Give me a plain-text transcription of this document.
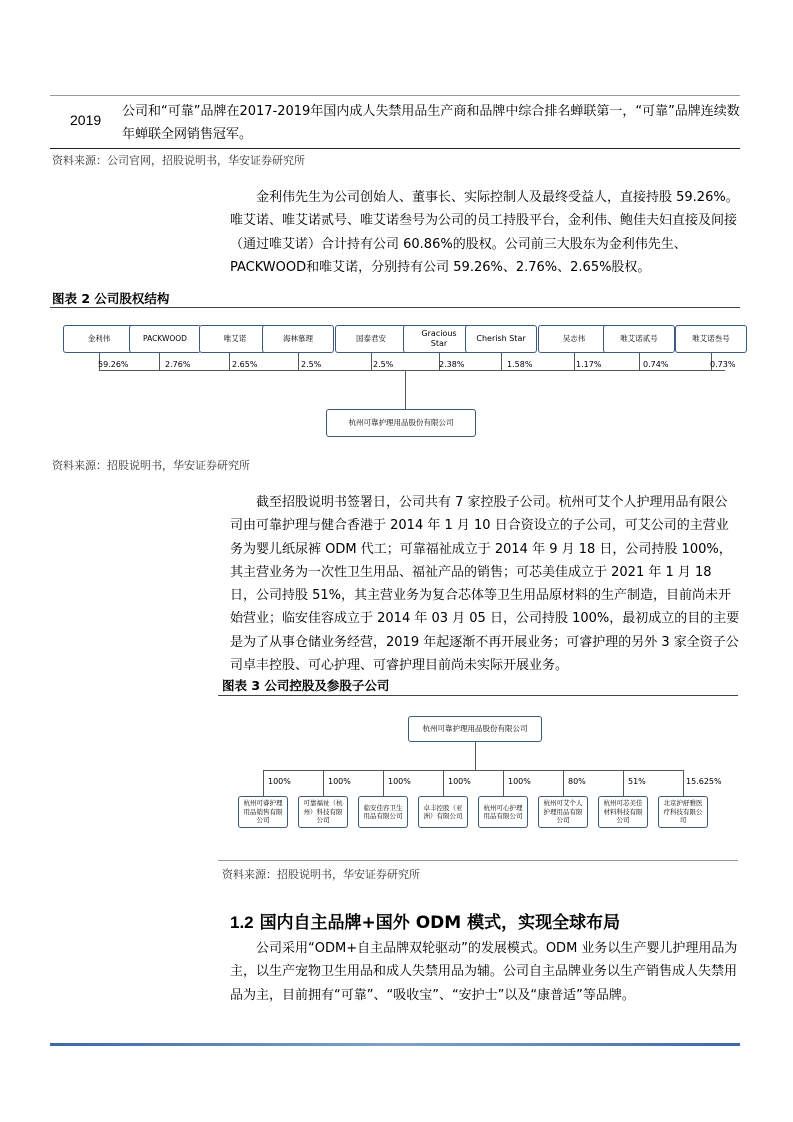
2019
公司和“可靠”品牌在2017-2019年国内成人失禁用品生产商和品牌中综合排名蝉联第一，“可靠”品牌连续数年蝉联全网销售冠军。
资料来源：公司官网，招股说明书，华安证券研究所
金利伟先生为公司创始人、董事长、实际控制人及最终受益人，直接持股 59.26%。唯艾诺、唯艾诺贰号、唯艾诺叁号为公司的员工持股平台，金利伟、鲍佳夫妇直接及间接（通过唯艾诺）合计持有公司 60.86%的股权。公司前三大股东为金利伟先生、PACKWOOD和唯艾诺，分别持有公司 59.26%、2.76%、2.65%股权。
图表 2 公司股权结构
金利伟	PACKWOOD	唯艾诺	海林慕理	国泰君安
Gracious Star
Cherish Star	吴志伟	唯艾诺贰号	唯艾诺叁号
59.26%	2.76%	2.65%	2.5%	2.5%	2.38%	1.58%	1.17%	0.74%	0.73%
杭州可靠护理用品股份有限公司
资料来源：招股说明书，华安证券研究所
截至招股说明书签署日，公司共有 7 家控股子公司。杭州可艾个人护理用品有限公司由可靠护理与健合香港于 2014 年 1 月 10 日合资设立的子公司，可艾公司的主营业务为婴儿纸尿裤 ODM 代工；可靠福祉成立于 2014 年 9 月 18 日，公司持股 100%，其主营业务为一次性卫生用品、福祉产品的销售；可芯美佳成立于 2021 年 1 月 18 日，公司持股 51%，其主营业务为复合芯体等卫生用品原材料的生产制造，目前尚未开始营业；临安佳容成立于 2014 年 03 月 05 日，公司持股 100%，最初成立的目的主要是为了从事仓储业务经营，2019 年起逐渐不再开展业务；可睿护理的另外 3 家全资子公司卓丰控股、可心护理、可睿护理目前尚未实际开展业务。
图表 3 公司控股及参股子公司
杭州可靠护理用品股份有限公司
100%	100%	100%	100%	100%	80%	51%	15.625%
杭州可睿护理用品销售有限公司
可靠福祉（杭州）科技有限公司
临安佳容卫生用品有限公司
卓丰控股（亚洲）有限公司
杭州可心护理用品有限公司
杭州可艾个人护理用品有限公司
杭州可芯美佳材料科技有限公司
北京护舒雅医疗科技有限公司
资料来源：招股说明书，华安证券研究所
1.2 国内自主品牌+国外 ODM 模式，实现全球布局
公司采用“ODM+自主品牌双轮驱动”的发展模式。ODM 业务以生产婴儿护理用品为主，以生产宠物卫生用品和成人失禁用品为辅。公司自主品牌业务以生产销售成人失禁用品为主，目前拥有“可靠”、“吸收宝”、“安护士”以及“康普适”等品牌。
